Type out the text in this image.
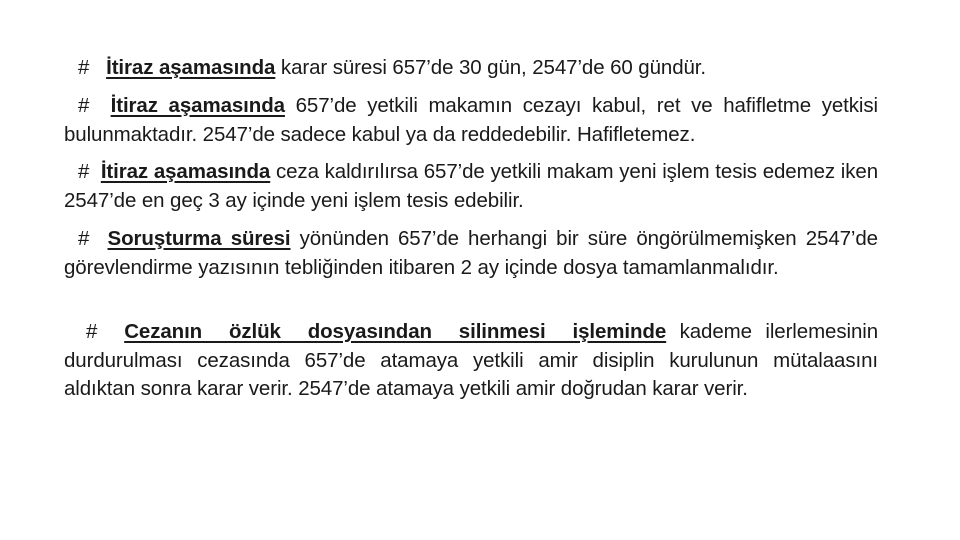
# İtiraz aşamasında karar süresi 657’de 30 gün, 2547’de 60 gündür.

# İtiraz aşamasında 657’de yetkili makamın cezayı kabul, ret ve hafifletme yetkisi bulunmaktadır. 2547’de sadece kabul ya da reddedebilir. Hafifletemez.

# İtiraz aşamasında ceza kaldırılırsa 657’de yetkili makam yeni işlem tesis edemez iken 2547’de en geç 3 ay içinde yeni işlem tesis edebilir.

# Soruşturma süresi yönünden 657’de herhangi bir süre öngörülmemişken 2547’de görevlendirme yazısının tebliğinden itibaren 2 ay içinde dosya tamamlanmalıdır.

# Cezanın  özlük  dosyasından  silinmesi  işleminde kademe ilerlemesinin durdurulması cezasında 657’de atamaya yetkili amir disiplin kurulunun mütalaasını aldıktan sonra karar verir. 2547’de atamaya yetkili amir doğrudan karar verir.
